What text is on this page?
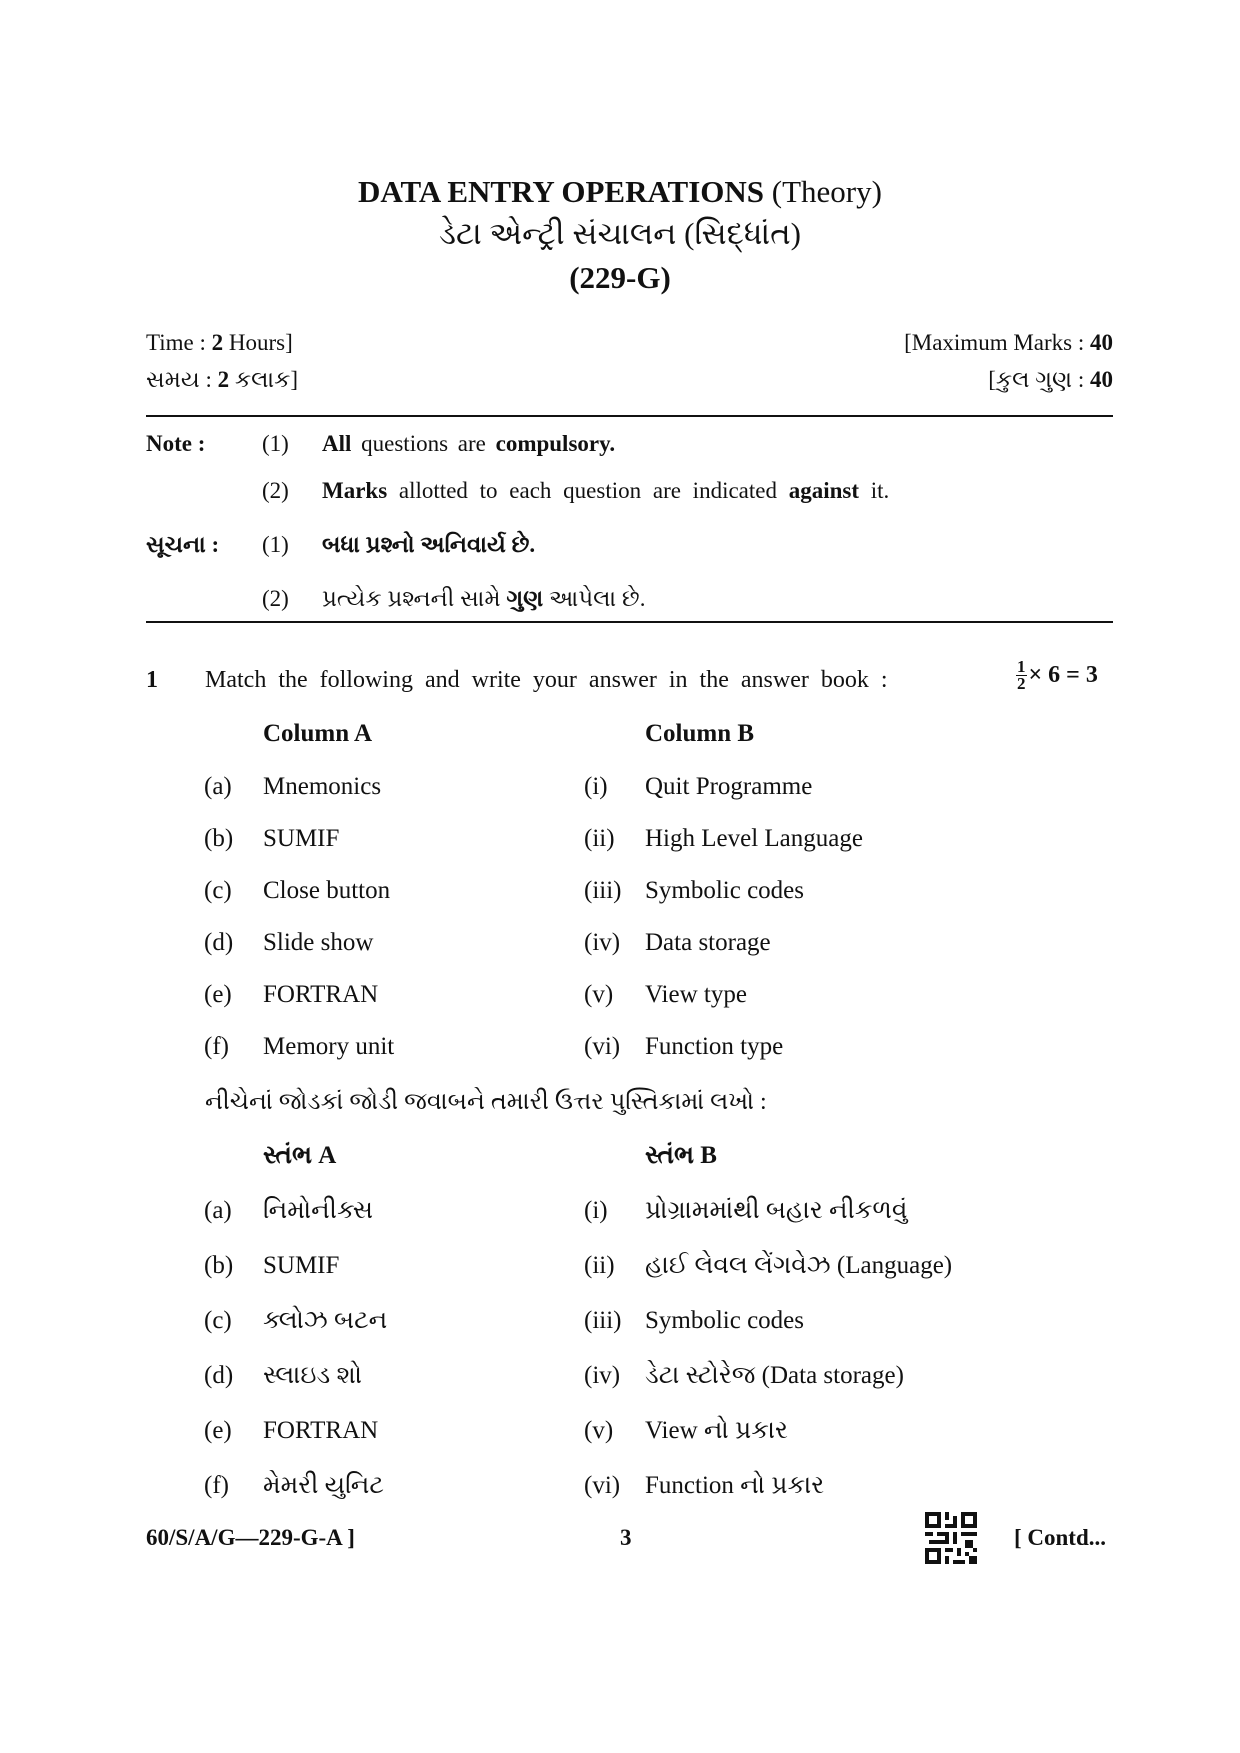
DATA ENTRY OPERATIONS (Theory)
ડેટા એન્ટ્રી સંચાલન (સિદ્ધાંત)
(229-G)
Time : 2 Hours]	[Maximum Marks : 40
સમય : 2 કલાક]	[કુલ ગુણ : 40
Note : (1) All questions are compulsory.
(2) Marks allotted to each question are indicated against it.
સૂચના : (1) બધા પ્રશ્નો અનિવાર્ય છે.
(2) પ્રત્યેક પ્રશ્નની સામે ગુણ આપેલા છે.
1 Match the following and write your answer in the answer book :	$\frac{1}{2} \times 6 = 3$
Column A	Column B
(a) Mnemonics	(i) Quit Programme
(b) SUMIF	(ii) High Level Language
(c) Close button	(iii) Symbolic codes
(d) Slide show	(iv) Data storage
(e) FORTRAN	(v) View type
(f) Memory unit	(vi) Function type
નીચેનાં જોડકાં જોડી જવાબને તમારી ઉત્તર પુસ્તિકામાં લખો :
સ્તંભ A	સ્તંભ B
(a) નિમોનીક્સ	(i) પ્રોગ્રામમાંથી બહાર નીકળવું
(b) SUMIF	(ii) હાઈ લેવલ લેંગવેઝ (Language)
(c) ક્લોઝ બટન	(iii) Symbolic codes
(d) સ્લાઇડ શો	(iv) ડેટા સ્ટોરેજ (Data storage)
(e) FORTRAN	(v) View નો પ્રકાર
(f) મેમરી યુનિટ	(vi) Function નો પ્રકાર
60/S/A/G—229-G-A ]	3	[ Contd...
